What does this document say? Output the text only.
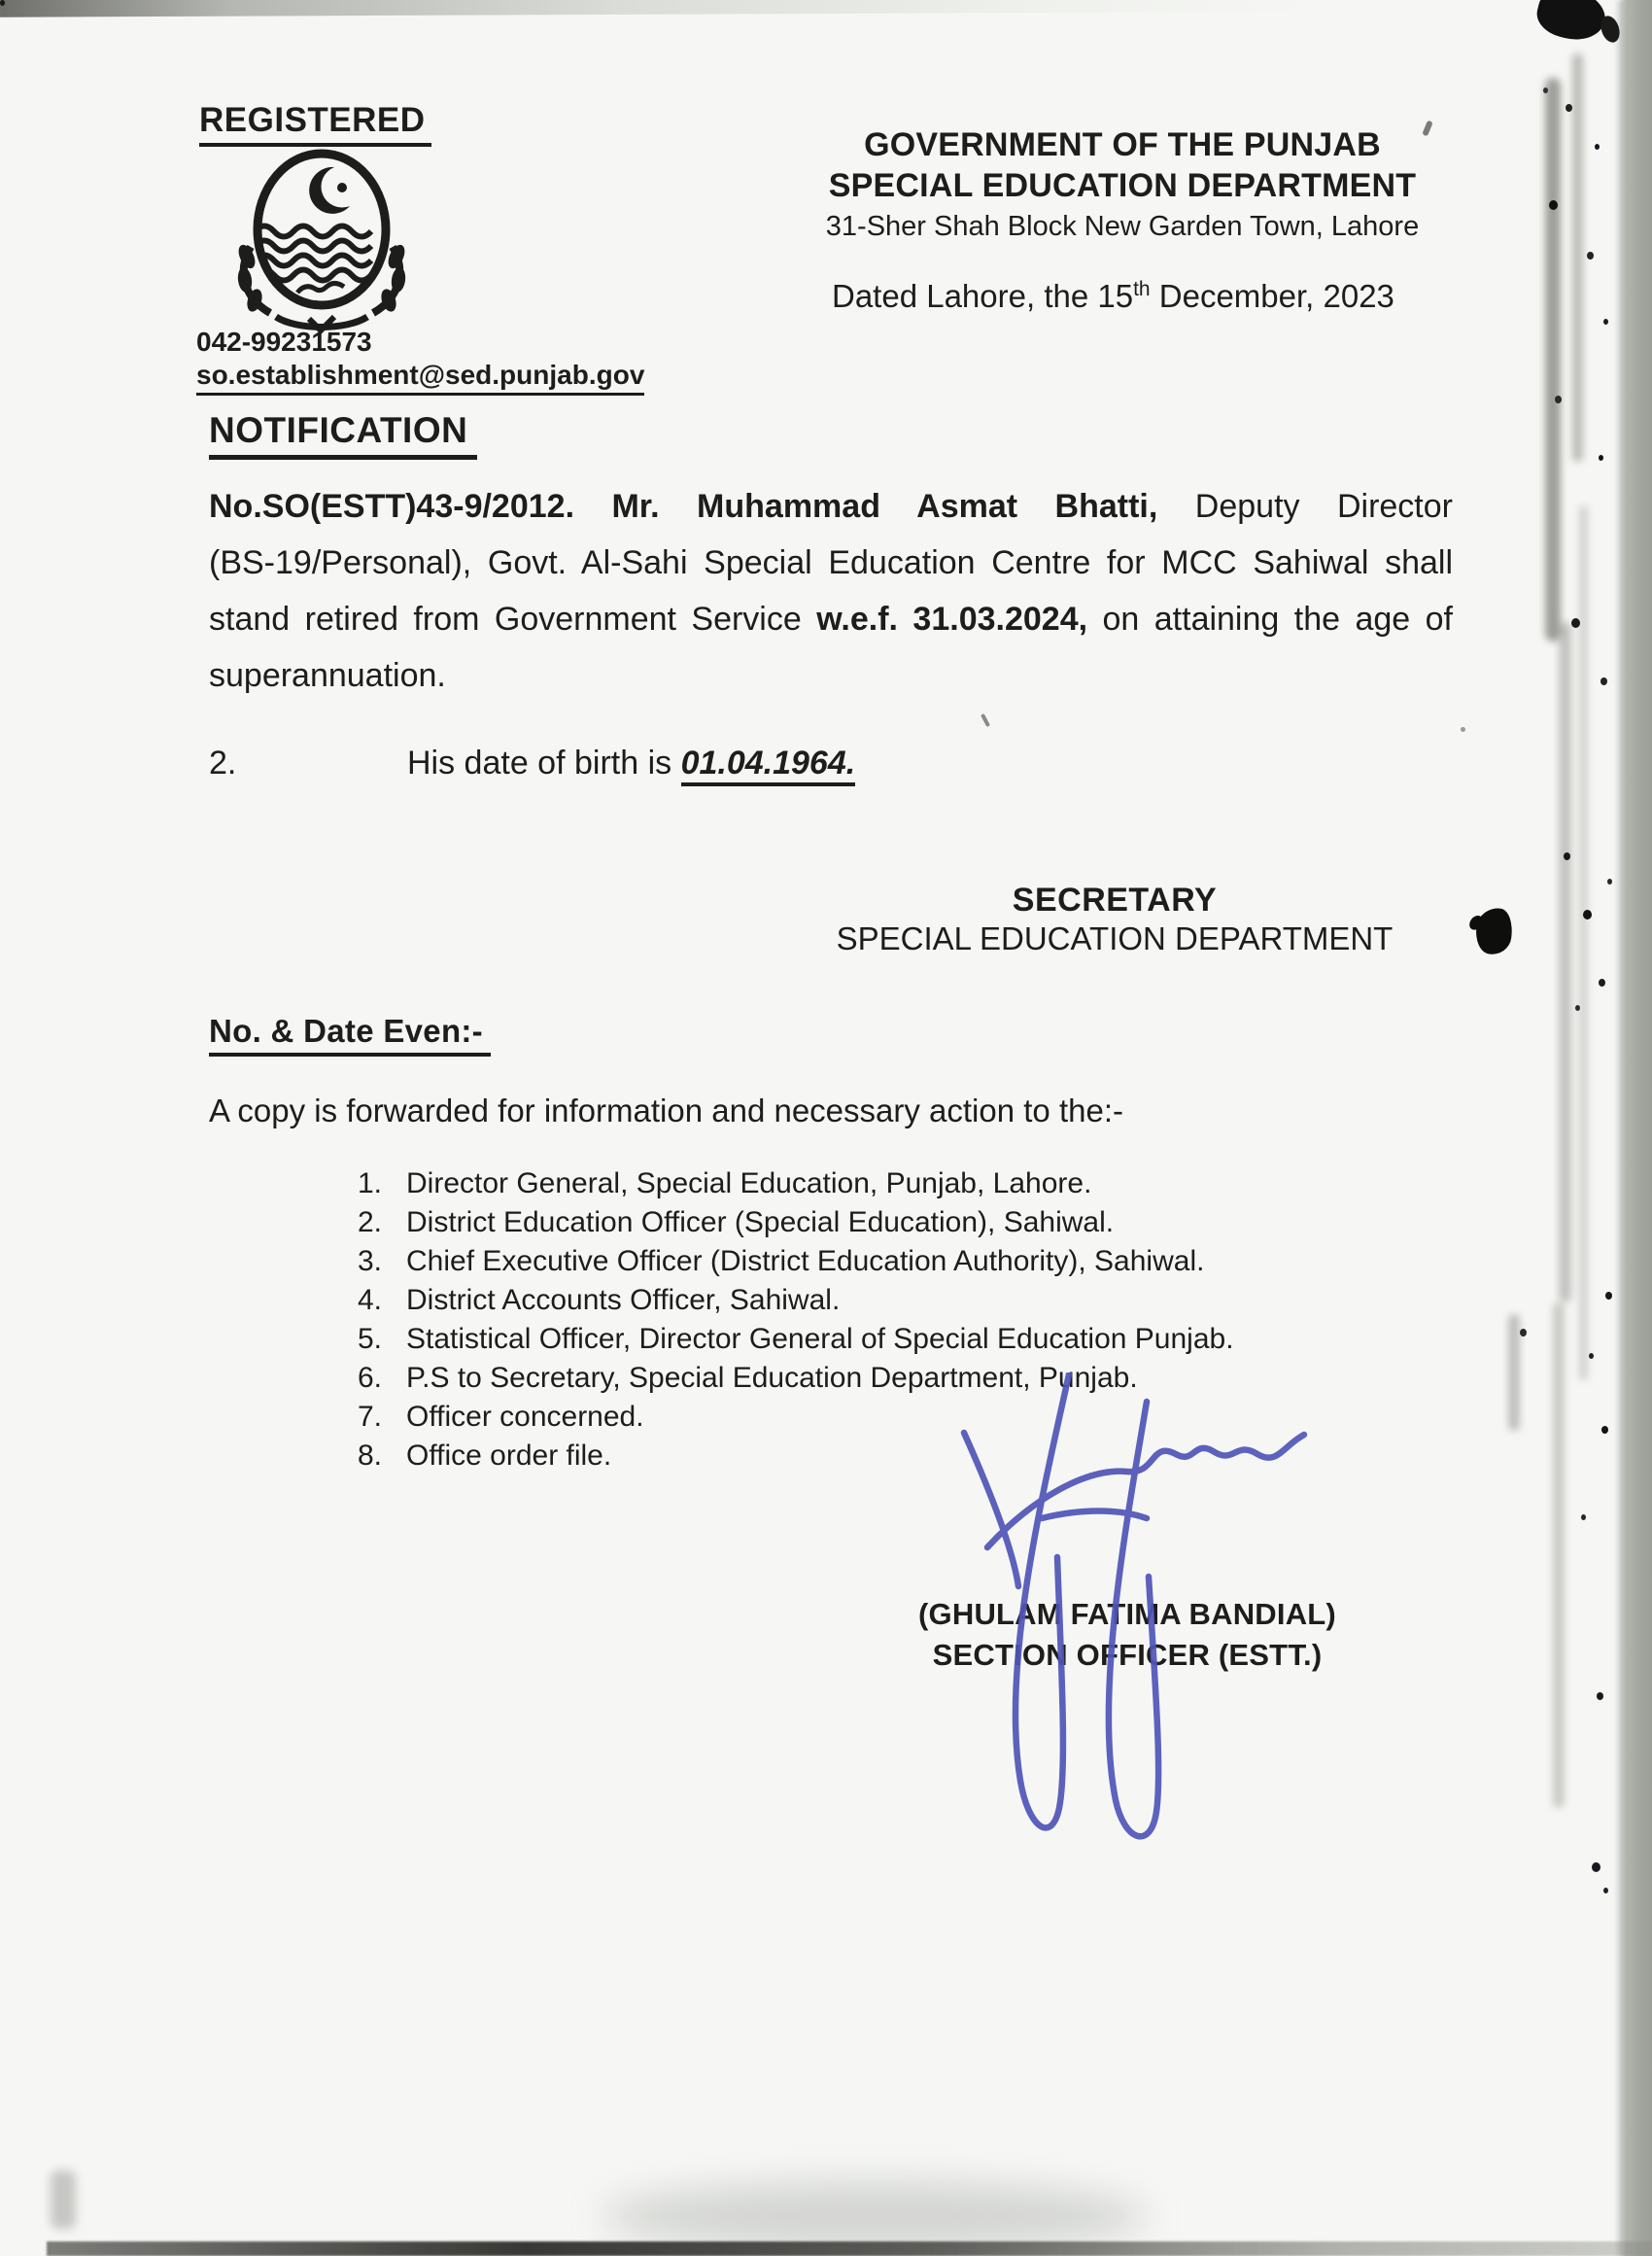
REGISTERED
042-99231573
so.establishment@sed.punjab.gov
GOVERNMENT OF THE PUNJAB
SPECIAL EDUCATION DEPARTMENT
31-Sher Shah Block New Garden Town, Lahore
Dated Lahore, the 15th December, 2023
NOTIFICATION
No.SO(ESTT)43-9/2012. Mr. Muhammad Asmat Bhatti, Deputy Director
(BS-19/Personal), Govt. Al-Sahi Special Education Centre for MCC Sahiwal shall
stand retired from Government Service w.e.f. 31.03.2024, on attaining the age of
superannuation.
2.	His date of birth is 01.04.1964.
SECRETARY
SPECIAL EDUCATION DEPARTMENT
No. & Date Even:-
A copy is forwarded for information and necessary action to the:-
1. Director General, Special Education, Punjab, Lahore.
2. District Education Officer (Special Education), Sahiwal.
3. Chief Executive Officer (District Education Authority), Sahiwal.
4. District Accounts Officer, Sahiwal.
5. Statistical Officer, Director General of Special Education Punjab.
6. P.S to Secretary, Special Education Department, Punjab.
7. Officer concerned.
8. Office order file.
(GHULAM FATIMA BANDIAL)
SECTION OFFICER (ESTT.)
